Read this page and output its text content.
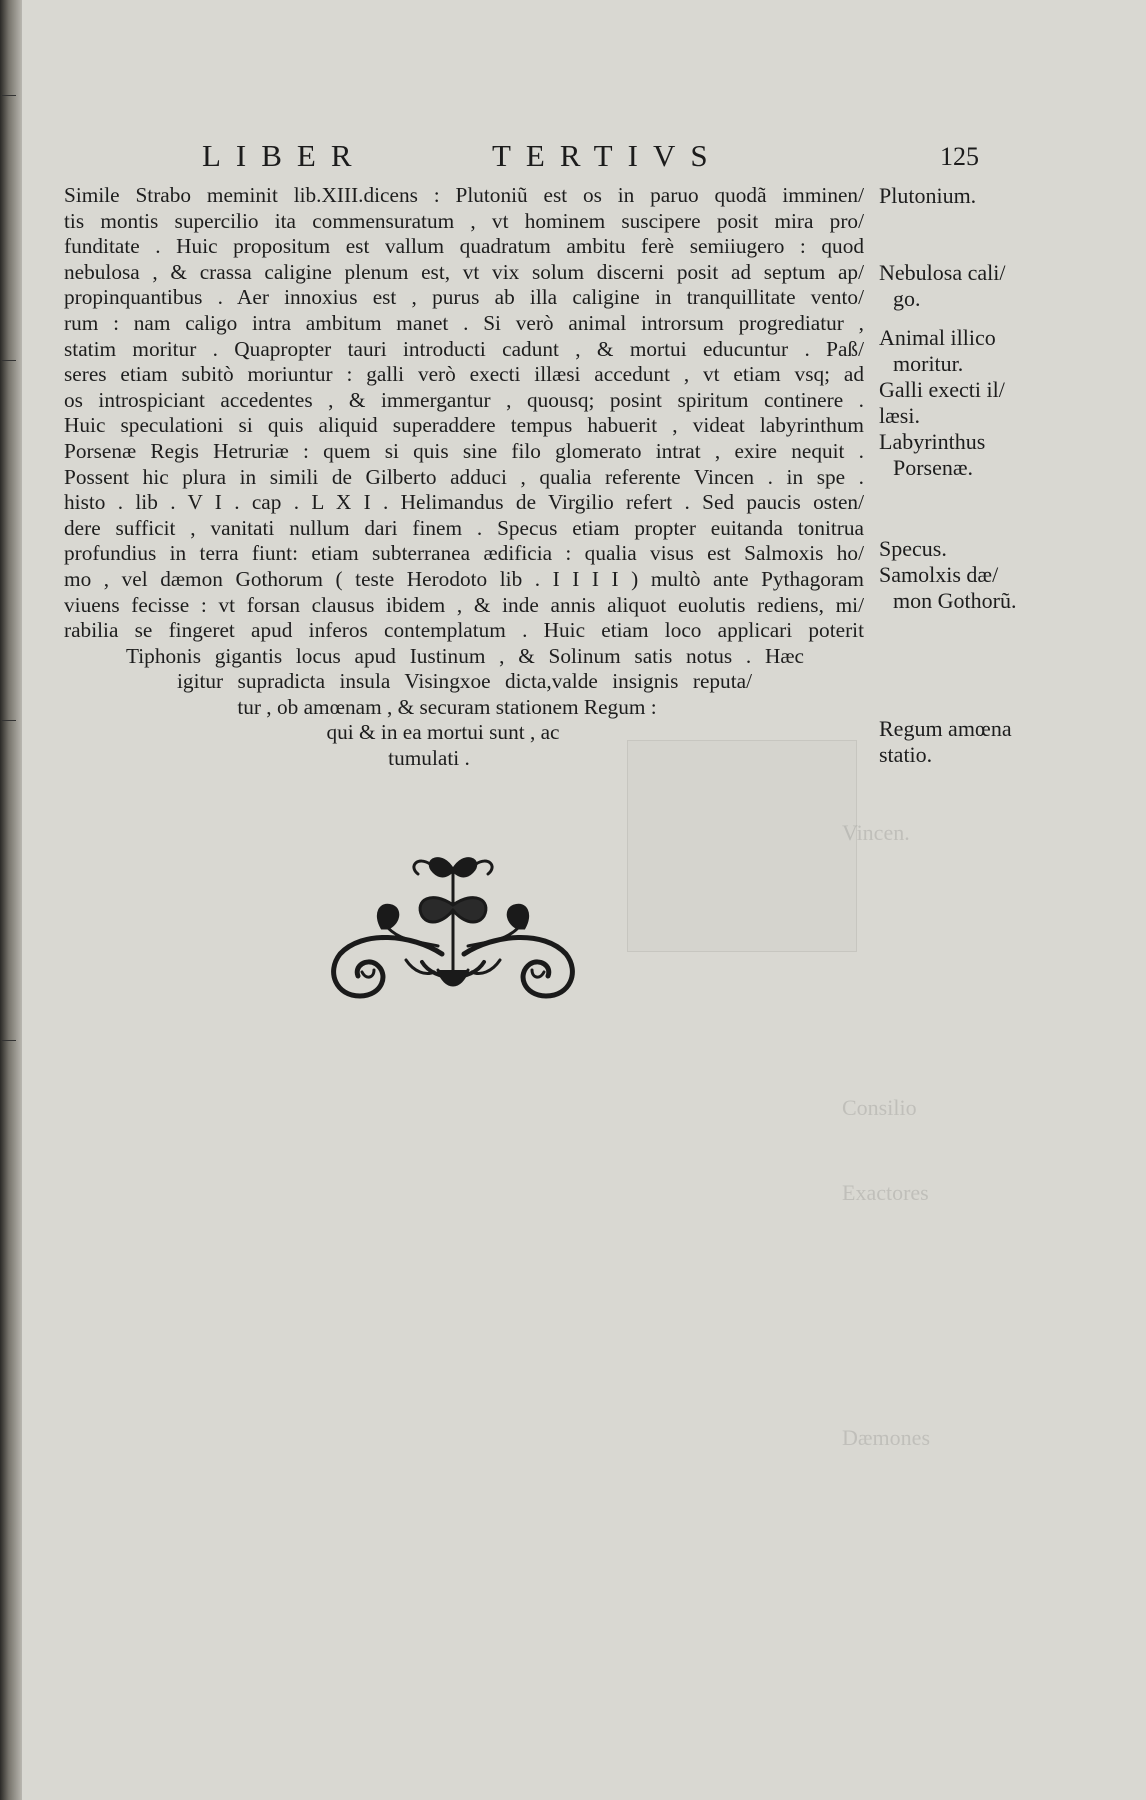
Vincen.
Consilio
Exactores
Dæmones
LIBER	TERTIVS	125
Simile Strabo meminit lib.XIII.dicens : Plutoniũ est os in paruo quodã imminen/
tis montis supercilio ita commensuratum , vt hominem suscipere posit mira pro/
funditate . Huic propositum est vallum quadratum ambitu ferè semiiugero : quod
nebulosa , & crassa caligine plenum est, vt vix solum discerni posit ad septum ap/
propinquantibus . Aer innoxius est , purus ab illa caligine in tranquillitate vento/
rum : nam caligo intra ambitum manet . Si verò animal introrsum progrediatur ,
statim moritur . Quapropter tauri introducti cadunt , & mortui educuntur . Paß/
seres etiam subitò moriuntur : galli verò execti illæsi accedunt , vt etiam vsq; ad
os introspiciant accedentes , & immergantur , quousq; posint spiritum continere .
Huic speculationi si quis aliquid superaddere tempus habuerit , videat labyrinthum
Porsenæ Regis Hetruriæ : quem si quis sine filo glomerato intrat , exire nequit .
Possent hic plura in simili de Gilberto adduci , qualia referente Vincen . in spe .
histo . lib . V I . cap . L X I . Helimandus de Virgilio refert . Sed paucis osten/
dere sufficit , vanitati nullum dari finem . Specus etiam propter euitanda tonitrua
profundius in terra fiunt: etiam subterranea ædificia : qualia visus est Salmoxis ho/
mo , vel dæmon Gothorum ( teste Herodoto lib . I I I I ) multò ante Pythagoram
viuens fecisse : vt forsan clausus ibidem , & inde annis aliquot euolutis rediens, mi/
rabilia se fingeret apud inferos contemplatum . Huic etiam loco applicari poterit
Tiphonis gigantis locus apud Iustinum , & Solinum satis notus . Hæc
igitur supradicta insula Visingxoe dicta,valde insignis reputa/
tur , ob amœnam , & securam stationem Regum :
qui & in ea mortui sunt , ac
tumulati .
Plutonium.
Nebulosa cali/
go.
Animal illico
moritur.
Galli execti il/
læsi.
Labyrinthus
Porsenæ.
Specus.
Samolxis dæ/
mon Gothorũ.
Regum amœna
statio.
